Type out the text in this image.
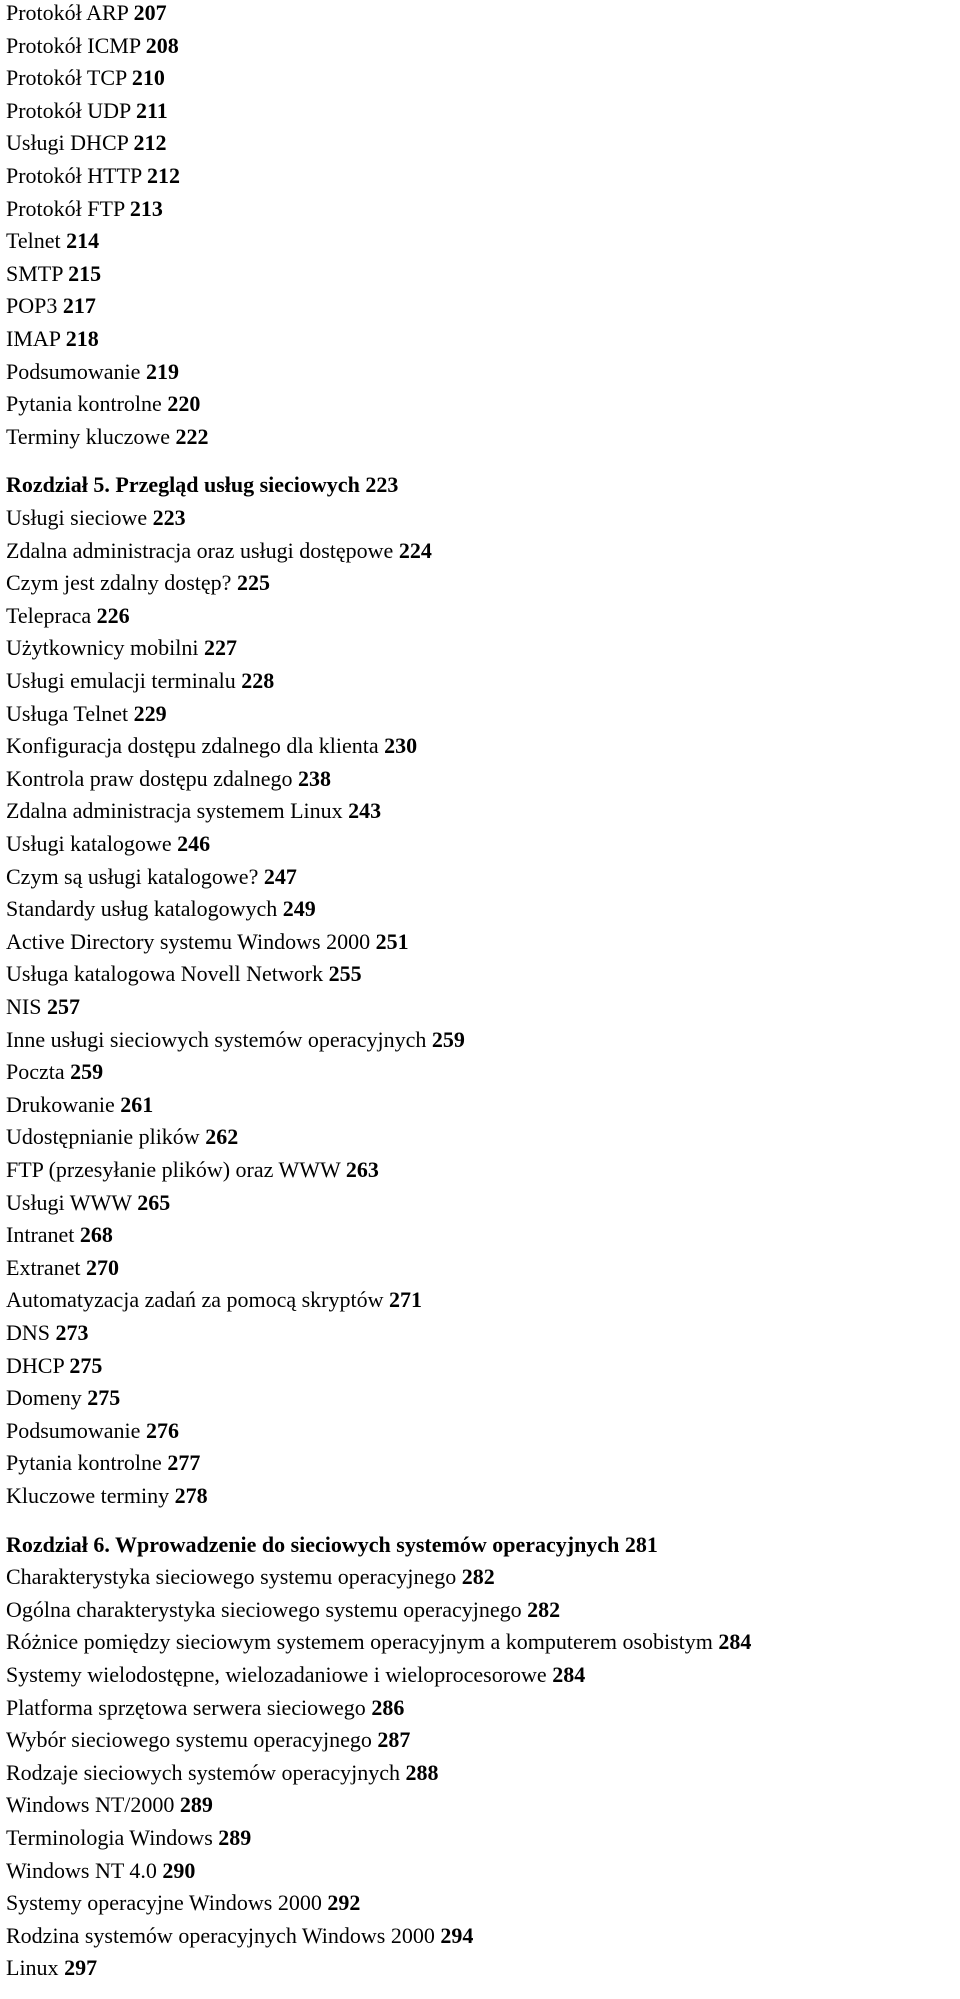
Protokół ARP 207
Protokół ICMP 208
Protokół TCP 210
Protokół UDP 211
Usługi DHCP 212
Protokół HTTP 212
Protokół FTP 213
Telnet 214
SMTP 215
POP3 217
IMAP 218
Podsumowanie 219
Pytania kontrolne 220
Terminy kluczowe 222
Rozdział 5. Przegląd usług sieciowych 223
Usługi sieciowe 223
Zdalna administracja oraz usługi dostępowe 224
Czym jest zdalny dostęp? 225
Telepraca 226
Użytkownicy mobilni 227
Usługi emulacji terminalu 228
Usługa Telnet 229
Konfiguracja dostępu zdalnego dla klienta 230
Kontrola praw dostępu zdalnego 238
Zdalna administracja systemem Linux 243
Usługi katalogowe 246
Czym są usługi katalogowe? 247
Standardy usług katalogowych 249
Active Directory systemu Windows 2000 251
Usługa katalogowa Novell Network 255
NIS 257
Inne usługi sieciowych systemów operacyjnych 259
Poczta 259
Drukowanie 261
Udostępnianie plików 262
FTP (przesyłanie plików) oraz WWW 263
Usługi WWW 265
Intranet 268
Extranet 270
Automatyzacja zadań za pomocą skryptów 271
DNS 273
DHCP 275
Domeny 275
Podsumowanie 276
Pytania kontrolne 277
Kluczowe terminy 278
Rozdział 6. Wprowadzenie do sieciowych systemów operacyjnych 281
Charakterystyka sieciowego systemu operacyjnego 282
Ogólna charakterystyka sieciowego systemu operacyjnego 282
Różnice pomiędzy sieciowym systemem operacyjnym a komputerem osobistym 284
Systemy wielodostępne, wielozadaniowe i wieloprocesorowe 284
Platforma sprzętowa serwera sieciowego 286
Wybór sieciowego systemu operacyjnego 287
Rodzaje sieciowych systemów operacyjnych 288
Windows NT/2000 289
Terminologia Windows 289
Windows NT 4.0 290
Systemy operacyjne Windows 2000 292
Rodzina systemów operacyjnych Windows 2000 294
Linux 297
